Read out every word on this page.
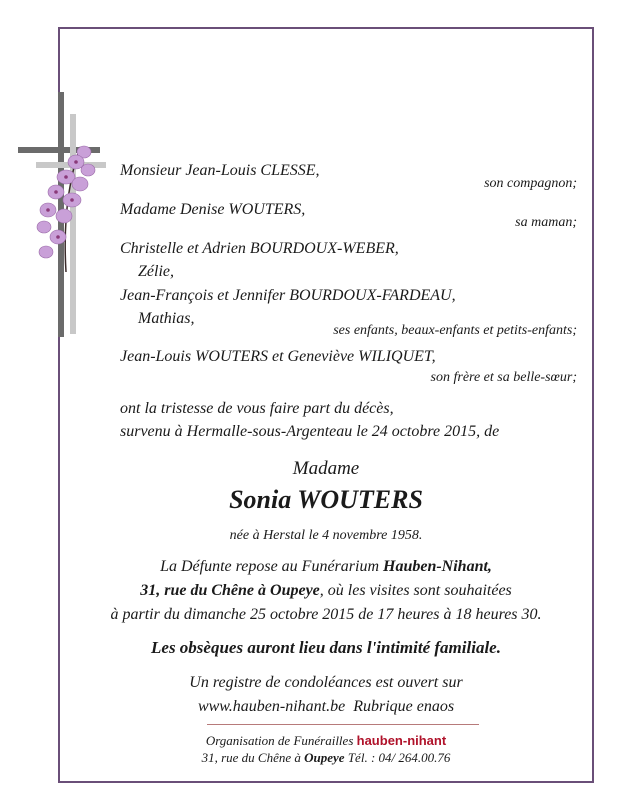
Monsieur Jean-Louis CLESSE,
son compagnon;
Madame Denise WOUTERS,
sa maman;
Christelle et Adrien BOURDOUX-WEBER,
Zélie,
Jean-François et Jennifer BOURDOUX-FARDEAU,
Mathias,
ses enfants, beaux-enfants et petits-enfants;
Jean-Louis WOUTERS et Geneviève WILIQUET,
son frère et sa belle-sœur;
ont la tristesse de vous faire part du décès,
survenu à Hermalle-sous-Argenteau le 24 octobre 2015, de
Madame
Sonia WOUTERS
née à Herstal le 4 novembre 1958.
La Défunte repose au Funérarium Hauben-Nihant,
31, rue du Chêne à Oupeye, où les visites sont souhaitées
à partir du dimanche 25 octobre 2015 de 17 heures à 18 heures 30.
Les obsèques auront lieu dans l'intimité familiale.
Un registre de condoléances est ouvert sur
www.hauben-nihant.be Rubrique enaos
Organisation de Funérailles hauben-nihant
31, rue du Chêne à Oupeye Tél. : 04/ 264.00.76
